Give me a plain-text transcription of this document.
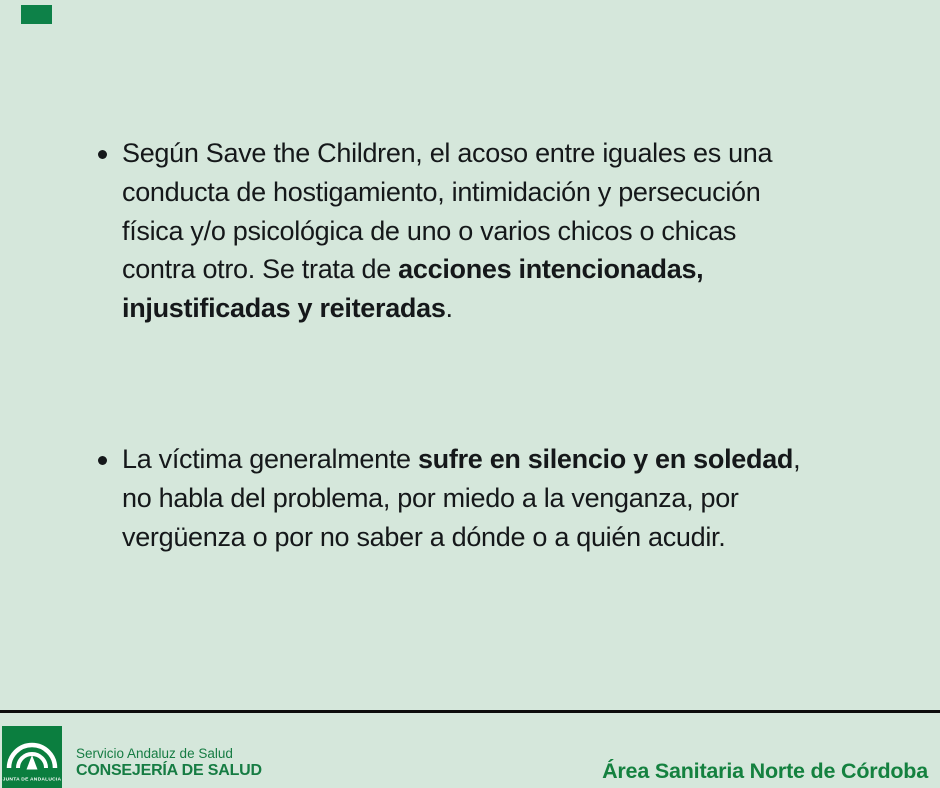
Según Save the Children, el acoso entre iguales es una
conducta de hostigamiento, intimidación y persecución
física y/o psicológica de uno o varios chicos o chicas
contra otro. Se trata de acciones intencionadas,
injustificadas y reiteradas.

La víctima generalmente sufre en silencio y en soledad,
no habla del problema, por miedo a la venganza, por
vergüenza o por no saber a dónde o a quién acudir.

JUNTA DE ANDALUCIA
Servicio Andaluz de Salud
CONSEJERÍA DE SALUD	Área Sanitaria Norte de Córdoba
